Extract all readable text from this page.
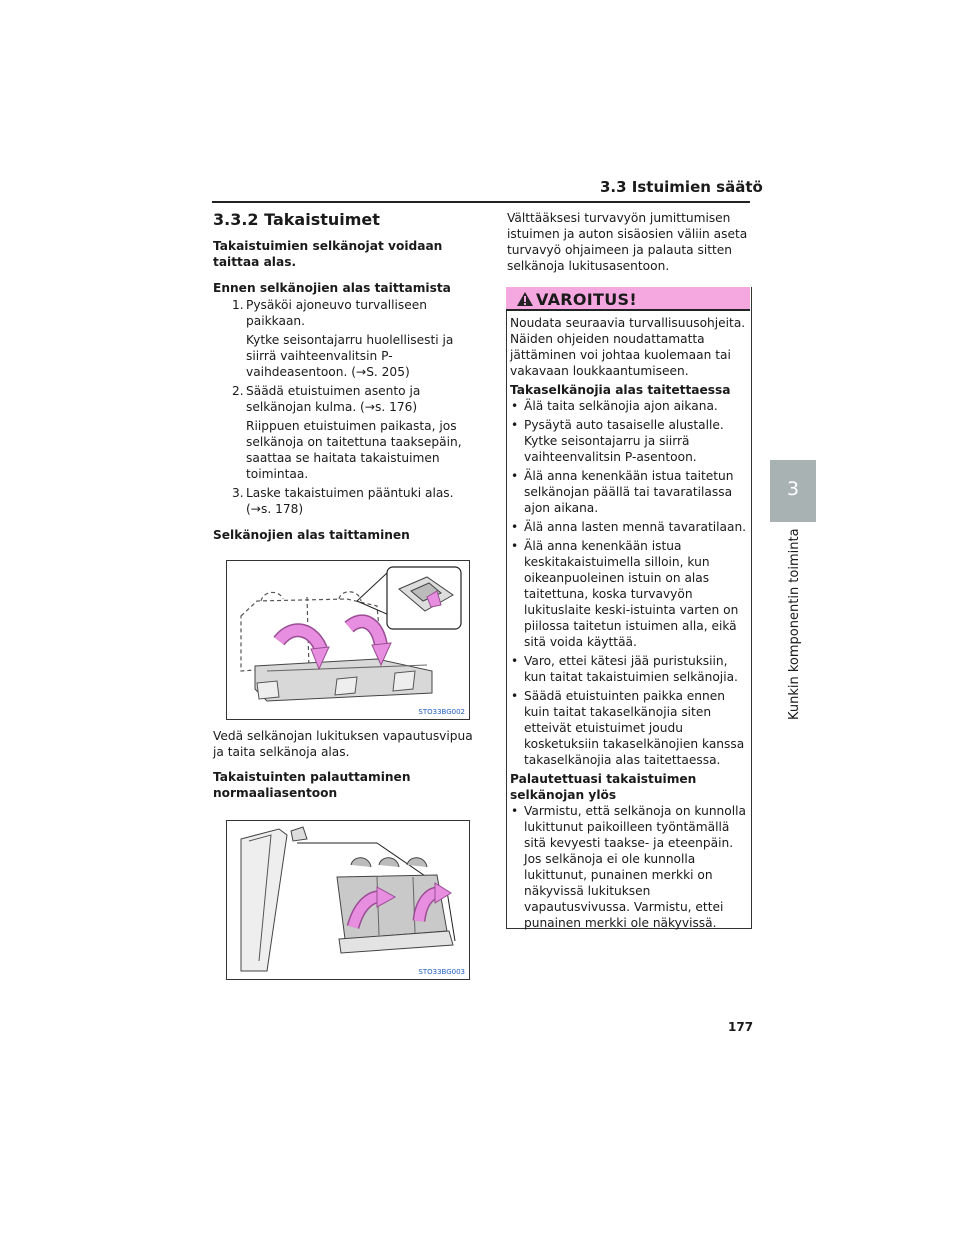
3.3 Istuimien säätö
3
Kunkin komponentin toiminta

3.3.2 Takaistuimet

Takaistuimien selkänojat voidaan taittaa alas.

Ennen selkänojien alas taittamista

1. Pysäköi ajoneuvo turvalliseen paikkaan.

Kytke seisontajarru huolellisesti ja siirrä vaihteenvalitsin P-vaihdeasentoon. (→S. 205)

2. Säädä etuistuimen asento ja selkänojan kulma. (→s. 176)

Riippuen etuistuimen paikasta, jos selkänoja on taitettuna taaksepäin, saattaa se haitata takaistuimen toimintaa.

3. Laske takaistuimen pääntuki alas. (→s. 178)

Selkänojien alas taittaminen

STO33BG002

Vedä selkänojan lukituksen vapautusvipua ja taita selkänoja alas.

Takaistuinten palauttaminen normaaliasentoon

STO33BG003
Välttääksesi turvavyön jumittumisen istuimen ja auton sisäosien väliin aseta turvavyö ohjaimeen ja palauta sitten selkänoja lukitusasentoon.
VAROITUS!

Noudata seuraavia turvallisuusohjeita. Näiden ohjeiden noudattamatta jättäminen voi johtaa kuolemaan tai vakavaan loukkaantumiseen.

Takaselkänojia alas taitettaessa

• Älä taita selkänojia ajon aikana.
• Pysäytä auto tasaiselle alustalle. Kytke seisontajarru ja siirrä vaihteenvalitsin P-asentoon.
• Älä anna kenenkään istua taitetun selkänojan päällä tai tavaratilassa ajon aikana.
• Älä anna lasten mennä tavaratilaan.
• Älä anna kenenkään istua keskitakaistuimella silloin, kun oikeanpuoleinen istuin on alas taitettuna, koska turvavyön lukituslaite keski-istuinta varten on piilossa taitetun istuimen alla, eikä sitä voida käyttää.
• Varo, ettei kätesi jää puristuksiin, kun taitat takaistuimien selkänojia.
• Säädä etuistuinten paikka ennen kuin taitat takaselkänojia siten etteivät etuistuimet joudu kosketuksiin takaselkänojien kanssa takaselkänojia alas taitettaessa.

Palautettuasi takaistuimen selkänojan ylös

• Varmistu, että selkänoja on kunnolla lukittunut paikoilleen työntämällä sitä kevyesti taakse- ja eteenpäin. Jos selkänoja ei ole kunnolla lukittunut, punainen merkki on näkyvissä lukituksen vapautusvivussa. Varmistu, ettei punainen merkki ole näkyvissä.
177
